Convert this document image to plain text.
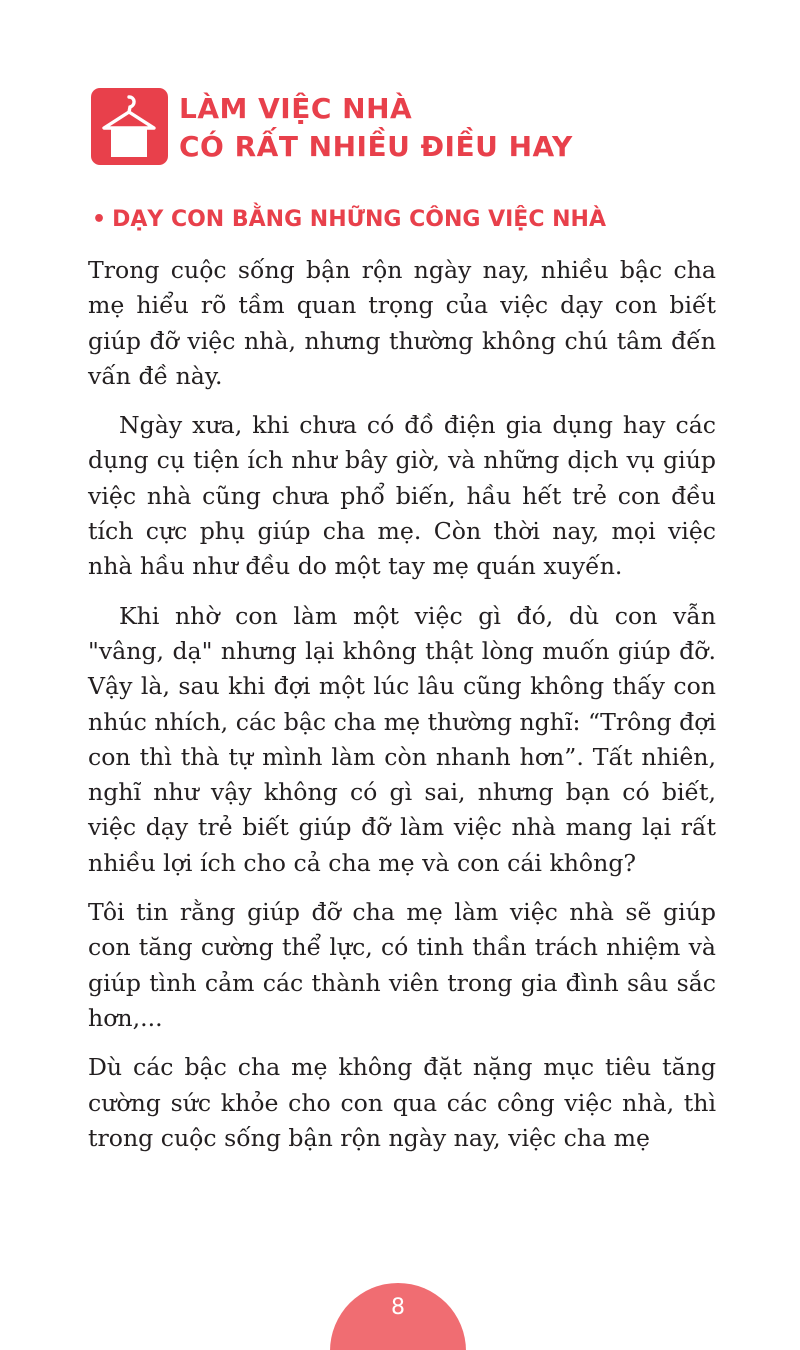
LÀM VIỆC NHÀ
CÓ RẤT NHIỀU ĐIỀU HAY
• DẠY CON BẰNG NHỮNG CÔNG VIỆC NHÀ

Trong cuộc sống bận rộn ngày nay, nhiều bậc cha mẹ hiểu rõ tầm quan trọng của việc dạy con biết giúp đỡ việc nhà, nhưng thường không chú tâm đến vấn đề này.

Ngày xưa, khi chưa có đồ điện gia dụng hay các dụng cụ tiện ích như bây giờ, và những dịch vụ giúp việc nhà cũng chưa phổ biến, hầu hết trẻ con đều tích cực phụ giúp cha mẹ. Còn thời nay, mọi việc nhà hầu như đều do một tay mẹ quán xuyến.

Khi nhờ con làm một việc gì đó, dù con vẫn "vâng, dạ" nhưng lại không thật lòng muốn giúp đỡ. Vậy là, sau khi đợi một lúc lâu cũng không thấy con nhúc nhích, các bậc cha mẹ thường nghĩ: “Trông đợi con thì thà tự mình làm còn nhanh hơn”. Tất nhiên, nghĩ như vậy không có gì sai, nhưng bạn có biết, việc dạy trẻ biết giúp đỡ làm việc nhà mang lại rất nhiều lợi ích cho cả cha mẹ và con cái không?

Tôi tin rằng giúp đỡ cha mẹ làm việc nhà sẽ giúp con tăng cường thể lực, có tinh thần trách nhiệm và giúp tình cảm các thành viên trong gia đình sâu sắc hơn,...

Dù các bậc cha mẹ không đặt nặng mục tiêu tăng cường sức khỏe cho con qua các công việc nhà, thì trong cuộc sống bận rộn ngày nay, việc cha mẹ

8
